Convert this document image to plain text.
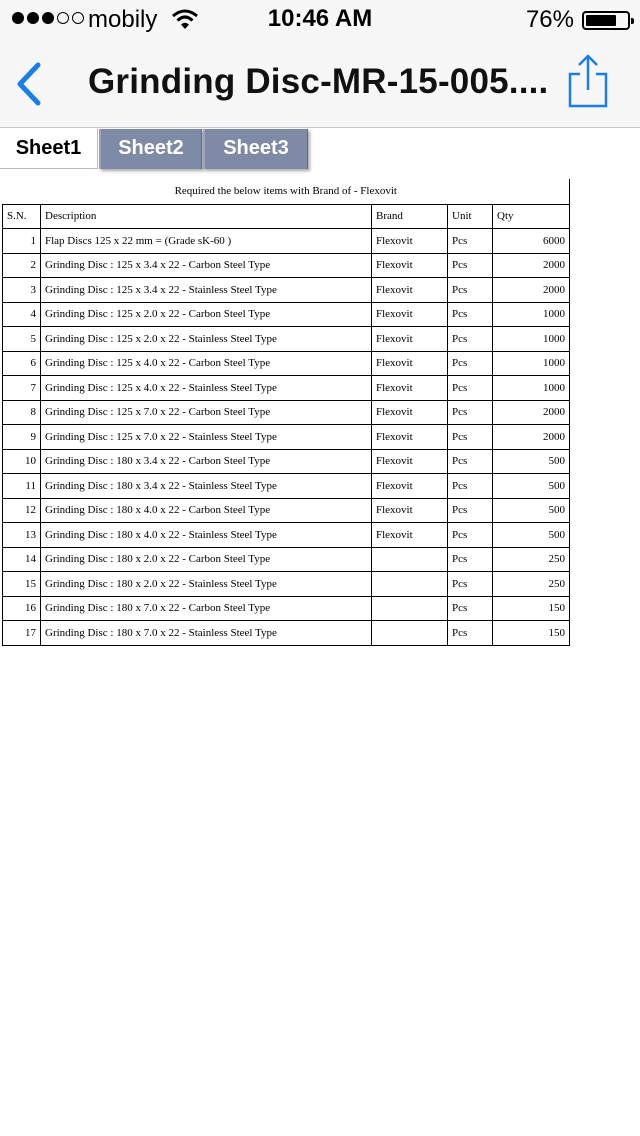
mobily	10:46 AM	76%
Grinding Disc-MR-15-005....
Sheet1	Sheet2	Sheet3
Required the below items with Brand of - Flexovit				
S.N.	Description	Brand	Unit	Qty
1	Flap Discs 125 x 22 mm = (Grade sK-60 )	Flexovit	Pcs	6000
2	Grinding Disc : 125 x 3.4 x 22 - Carbon Steel Type	Flexovit	Pcs	2000
3	Grinding Disc : 125 x 3.4 x 22 - Stainless Steel Type	Flexovit	Pcs	2000
4	Grinding Disc : 125 x 2.0 x 22 - Carbon Steel Type	Flexovit	Pcs	1000
5	Grinding Disc : 125 x 2.0 x 22 - Stainless Steel Type	Flexovit	Pcs	1000
6	Grinding Disc : 125 x 4.0 x 22 - Carbon Steel Type	Flexovit	Pcs	1000
7	Grinding Disc : 125 x 4.0 x 22 - Stainless Steel Type	Flexovit	Pcs	1000
8	Grinding Disc : 125 x 7.0 x 22 - Carbon Steel Type	Flexovit	Pcs	2000
9	Grinding Disc : 125 x 7.0 x 22 - Stainless Steel Type	Flexovit	Pcs	2000
10	Grinding Disc : 180 x 3.4 x 22 - Carbon Steel Type	Flexovit	Pcs	500
11	Grinding Disc : 180 x 3.4 x 22 - Stainless Steel Type	Flexovit	Pcs	500
12	Grinding Disc : 180 x 4.0 x 22 - Carbon Steel Type	Flexovit	Pcs	500
13	Grinding Disc : 180 x 4.0 x 22 - Stainless Steel Type	Flexovit	Pcs	500
14	Grinding Disc : 180 x 2.0 x 22 - Carbon Steel Type		Pcs	250
15	Grinding Disc : 180 x 2.0 x 22 - Stainless Steel Type		Pcs	250
16	Grinding Disc : 180 x 7.0 x 22 - Carbon Steel Type		Pcs	150
17	Grinding Disc : 180 x 7.0 x 22 - Stainless Steel Type		Pcs	150
